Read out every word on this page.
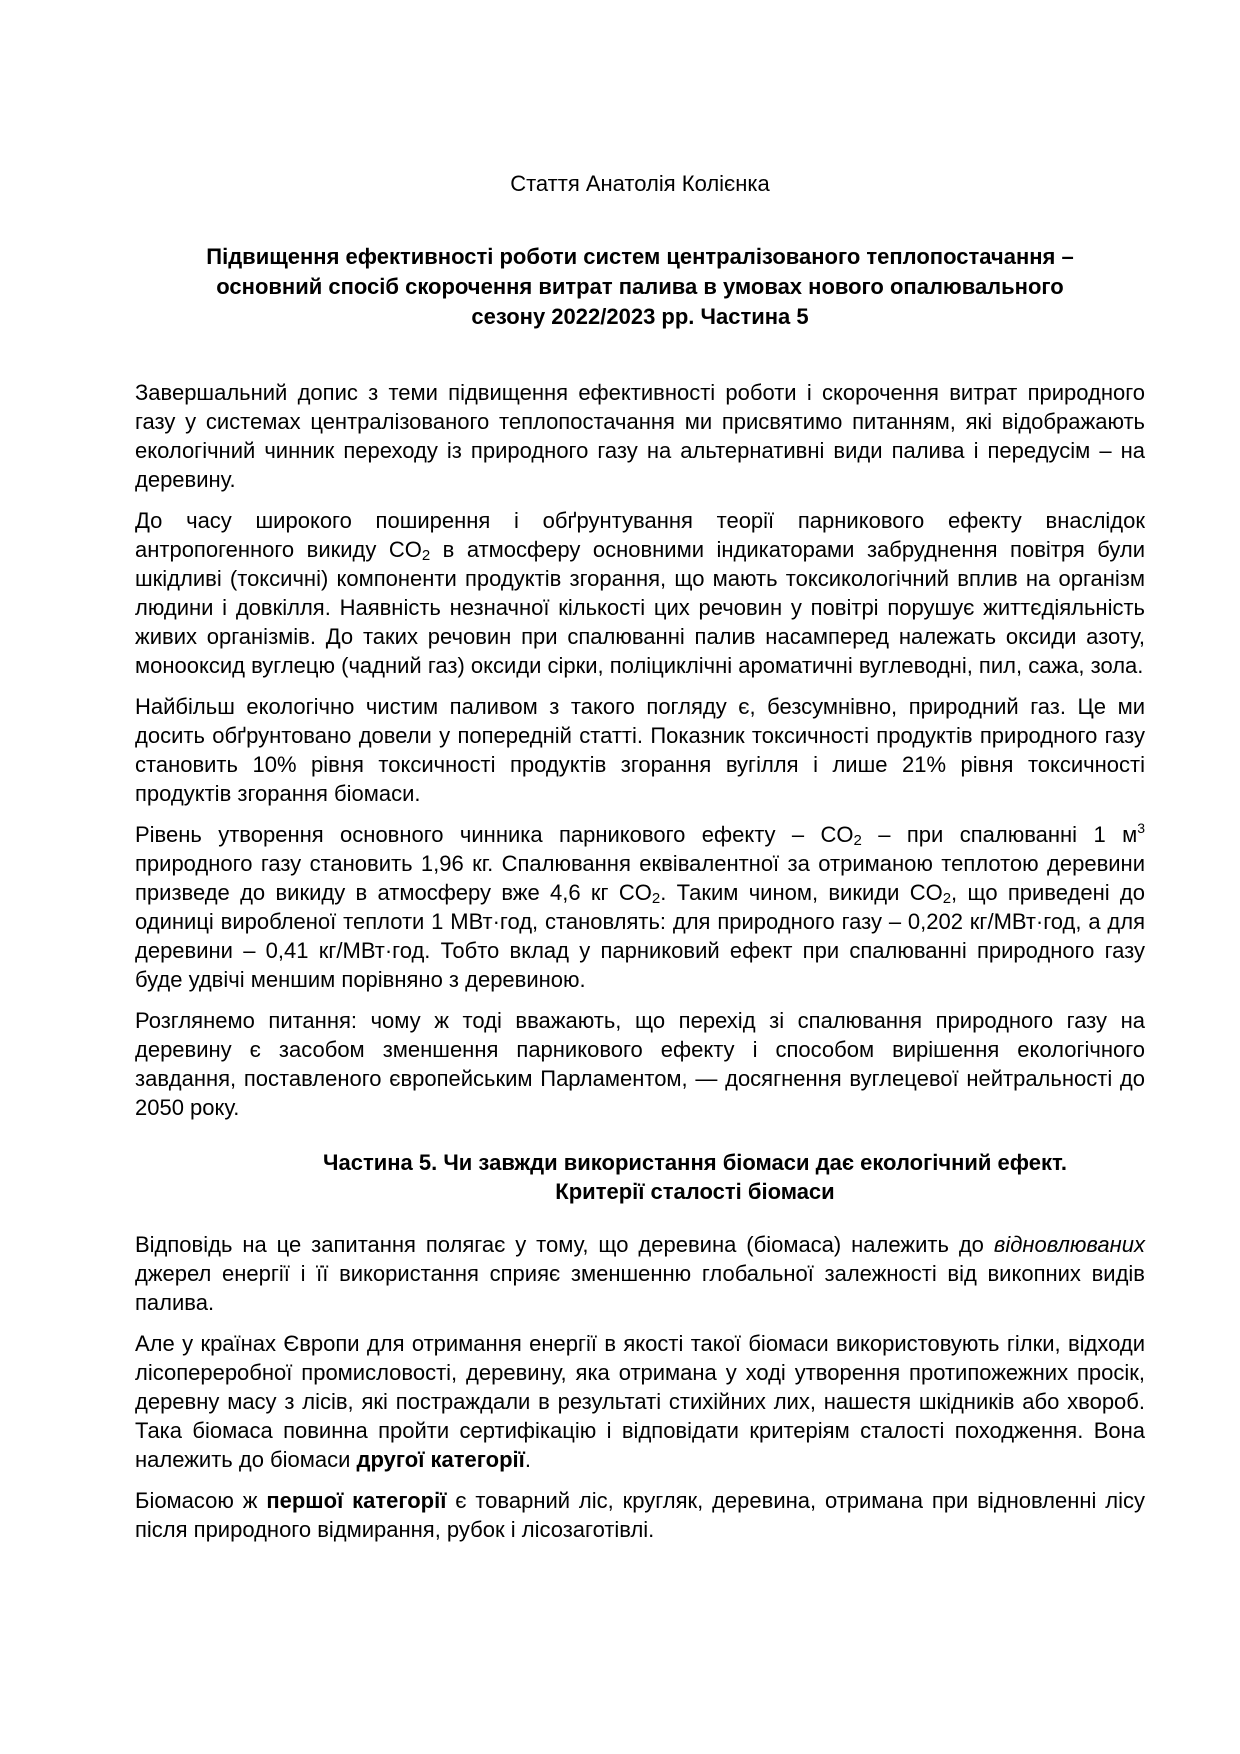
Стаття Анатолія Колієнка
Підвищення ефективності роботи систем централізованого теплопостачання –
основний спосіб скорочення витрат палива в умовах нового опалювального
сезону 2022/2023 рр. Частина 5

Завершальний допис з теми підвищення ефективності роботи і скорочення витрат природного газу у системах централізованого теплопостачання ми присвятимо питанням, які відображають екологічний чинник переходу із природного газу на альтернативні види палива і передусім – на деревину.

До часу широкого поширення і обґрунтування теорії парникового ефекту внаслідок антропогенного викиду $CO_2$ в атмосферу основними індикаторами забруднення повітря були шкідливі (токсичні) компоненти продуктів згорання, що мають токсикологічний вплив на організм людини і довкілля. Наявність незначної кількості цих речовин у повітрі порушує життєдіяльність живих організмів. До таких речовин при спалюванні палив насамперед належать оксиди азоту, монооксид вуглецю (чадний газ) оксиди сірки, поліциклічні ароматичні вуглеводні, пил, сажа, зола.

Найбільш екологічно чистим паливом з такого погляду є, безсумнівно, природний газ. Це ми досить обґрунтовано довели у попередній статті. Показник токсичності продуктів природного газу становить 10% рівня токсичності продуктів згорання вугілля і лише 21% рівня токсичності продуктів згорання біомаси.

Рівень утворення основного чинника парникового ефекту – $CO_2$ – при спалюванні 1 $м^3$ природного газу становить 1,96 кг. Спалювання еквівалентної за отриманою теплотою деревини призведе до викиду в атмосферу вже 4,6 кг $CO_2$. Таким чином, викиди $CO_2$, що приведені до одиниці виробленої теплоти 1 МВт·год, становлять: для природного газу – 0,202 кг/МВт·год, а для деревини – 0,41 кг/МВт·год. Тобто вклад у парниковий ефект при спалюванні природного газу буде удвічі меншим порівняно з деревиною.

Розглянемо питання: чому ж тоді вважають, що перехід зі спалювання природного газу на деревину є засобом зменшення парникового ефекту і способом вирішення екологічного завдання, поставленого європейським Парламентом, — досягнення вуглецевої нейтральності до 2050 року.

Частина 5. Чи завжди використання біомаси дає екологічний ефект.
Критерії сталості біомаси

Відповідь на це запитання полягає у тому, що деревина (біомаса) належить до відновлюваних джерел енергії і її використання сприяє зменшенню глобальної залежності від викопних видів палива.

Але у країнах Європи для отримання енергії в якості такої біомаси використовують гілки, відходи лісопереробної промисловості, деревину, яка отримана у ході утворення протипожежних просік, деревну масу з лісів, які постраждали в результаті стихійних лих, нашестя шкідників або хвороб. Така біомаса повинна пройти сертифікацію і відповідати критеріям сталості походження. Вона належить до біомаси другої категорії.

Біомасою ж першої категорії є товарний ліс, кругляк, деревина, отримана при відновленні лісу після природного відмирання, рубок і лісозаготівлі.
